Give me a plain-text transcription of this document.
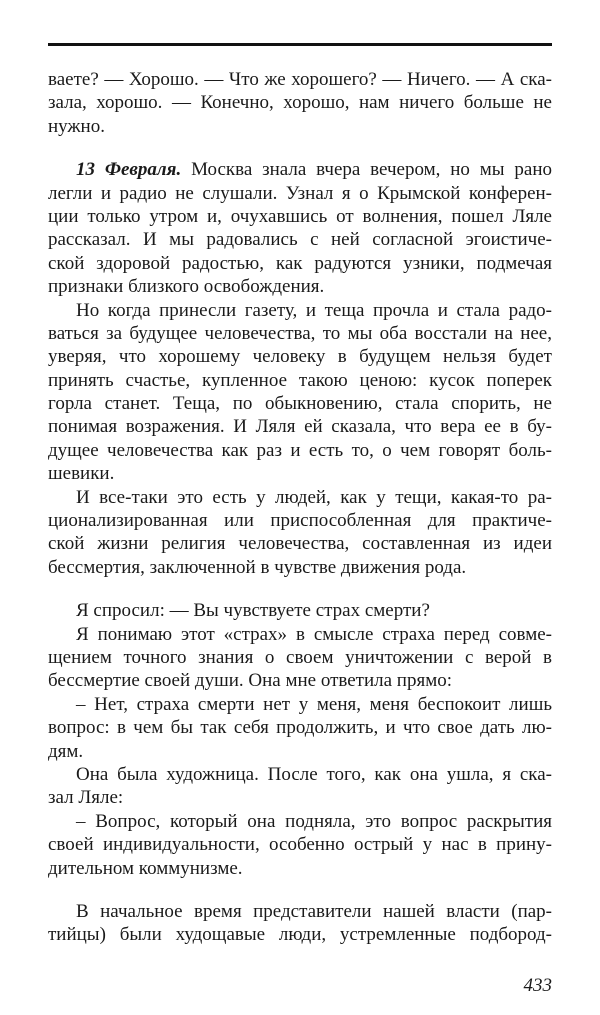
ваете? — Хорошо. — Что же хорошего? — Ничего. — А ска-
зала, хорошо. — Конечно, хорошо, нам ничего больше не
нужно.
13 Февраля. Москва знала вчера вечером, но мы рано
легли и радио не слушали. Узнал я о Крымской конферен-
ции только утром и, очухавшись от волнения, пошел Ляле
рассказал. И мы радовались с ней согласной эгоистиче-
ской здоровой радостью, как радуются узники, подмечая
признаки близкого освобождения.
Но когда принесли газету, и теща прочла и стала радо-
ваться за будущее человечества, то мы оба восстали на нее,
уверяя, что хорошему человеку в будущем нельзя будет
принять счастье, купленное такою ценою: кусок поперек
горла станет. Теща, по обыкновению, стала спорить, не
понимая возражения. И Ляля ей сказала, что вера ее в бу-
дущее человечества как раз и есть то, о чем говорят боль-
шевики.
И все-таки это есть у людей, как у тещи, какая-то ра-
ционализированная или приспособленная для практиче-
ской жизни религия человечества, составленная из идеи
бессмертия, заключенной в чувстве движения рода.
Я спросил: — Вы чувствуете страх смерти?
Я понимаю этот «страх» в смысле страха перед совме-
щением точного знания о своем уничтожении с верой в
бессмертие своей души. Она мне ответила прямо:
– Нет, страха смерти нет у меня, меня беспокоит лишь
вопрос: в чем бы так себя продолжить, и что свое дать лю-
дям.
Она была художница. После того, как она ушла, я ска-
зал Ляле:
– Вопрос, который она подняла, это вопрос раскрытия
своей индивидуальности, особенно острый у нас в прину-
дительном коммунизме.
В начальное время представители нашей власти (пар-
тийцы) были худощавые люди, устремленные подбород-
433
